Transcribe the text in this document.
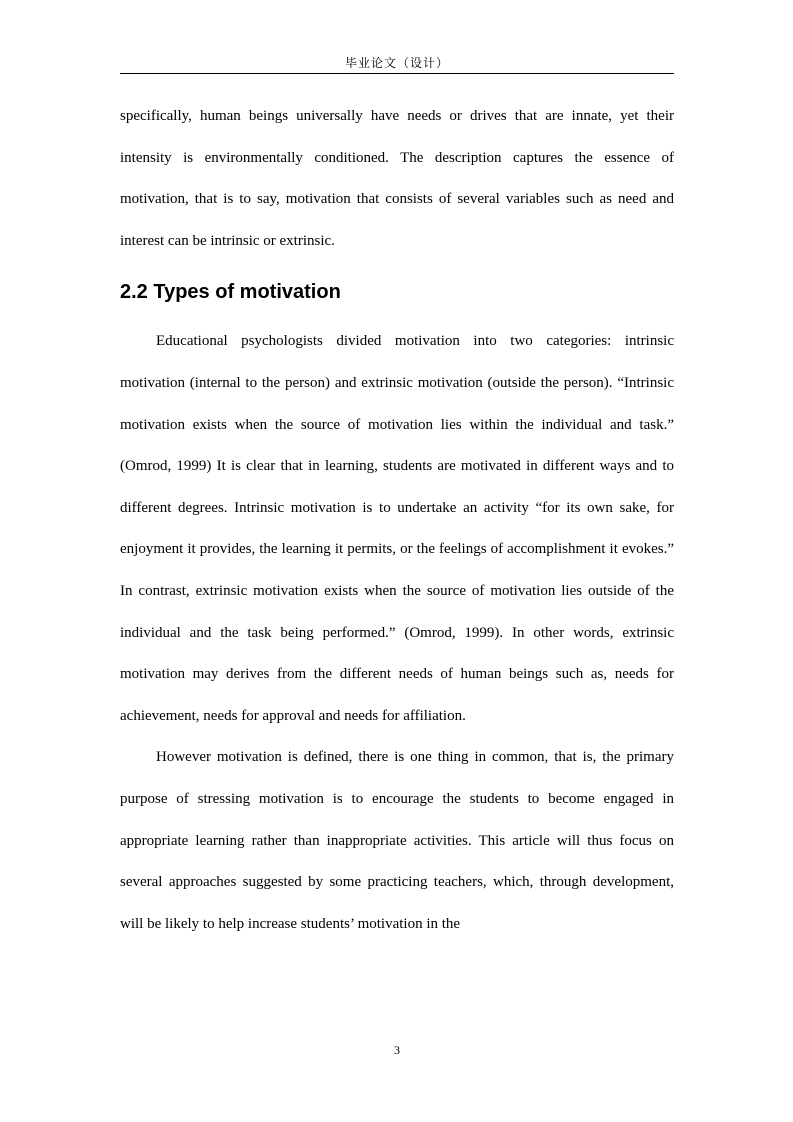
毕业论文（设计）

specifically, human beings universally have needs or drives that are innate, yet their intensity is environmentally conditioned. The description captures the essence of motivation, that is to say, motivation that consists of several variables such as need and interest can be intrinsic or extrinsic.

2.2 Types of motivation

Educational psychologists divided motivation into two categories: intrinsic motivation (internal to the person) and extrinsic motivation (outside the person). “Intrinsic motivation exists when the source of motivation lies within the individual and task.” (Omrod, 1999) It is clear that in learning, students are motivated in different ways and to different degrees. Intrinsic motivation is to undertake an activity “for its own sake, for enjoyment it provides, the learning it permits, or the feelings of accomplishment it evokes.” In contrast, extrinsic motivation exists when the source of motivation lies outside of the individual and the task being performed.” (Omrod, 1999). In other words, extrinsic motivation may derives from the different needs of human beings such as, needs for achievement, needs for approval and needs for affiliation.

However motivation is defined, there is one thing in common, that is, the primary purpose of stressing motivation is to encourage the students to become engaged in appropriate learning rather than inappropriate activities. This article will thus focus on several approaches suggested by some practicing teachers, which, through development, will be likely to help increase students’ motivation in the

3
